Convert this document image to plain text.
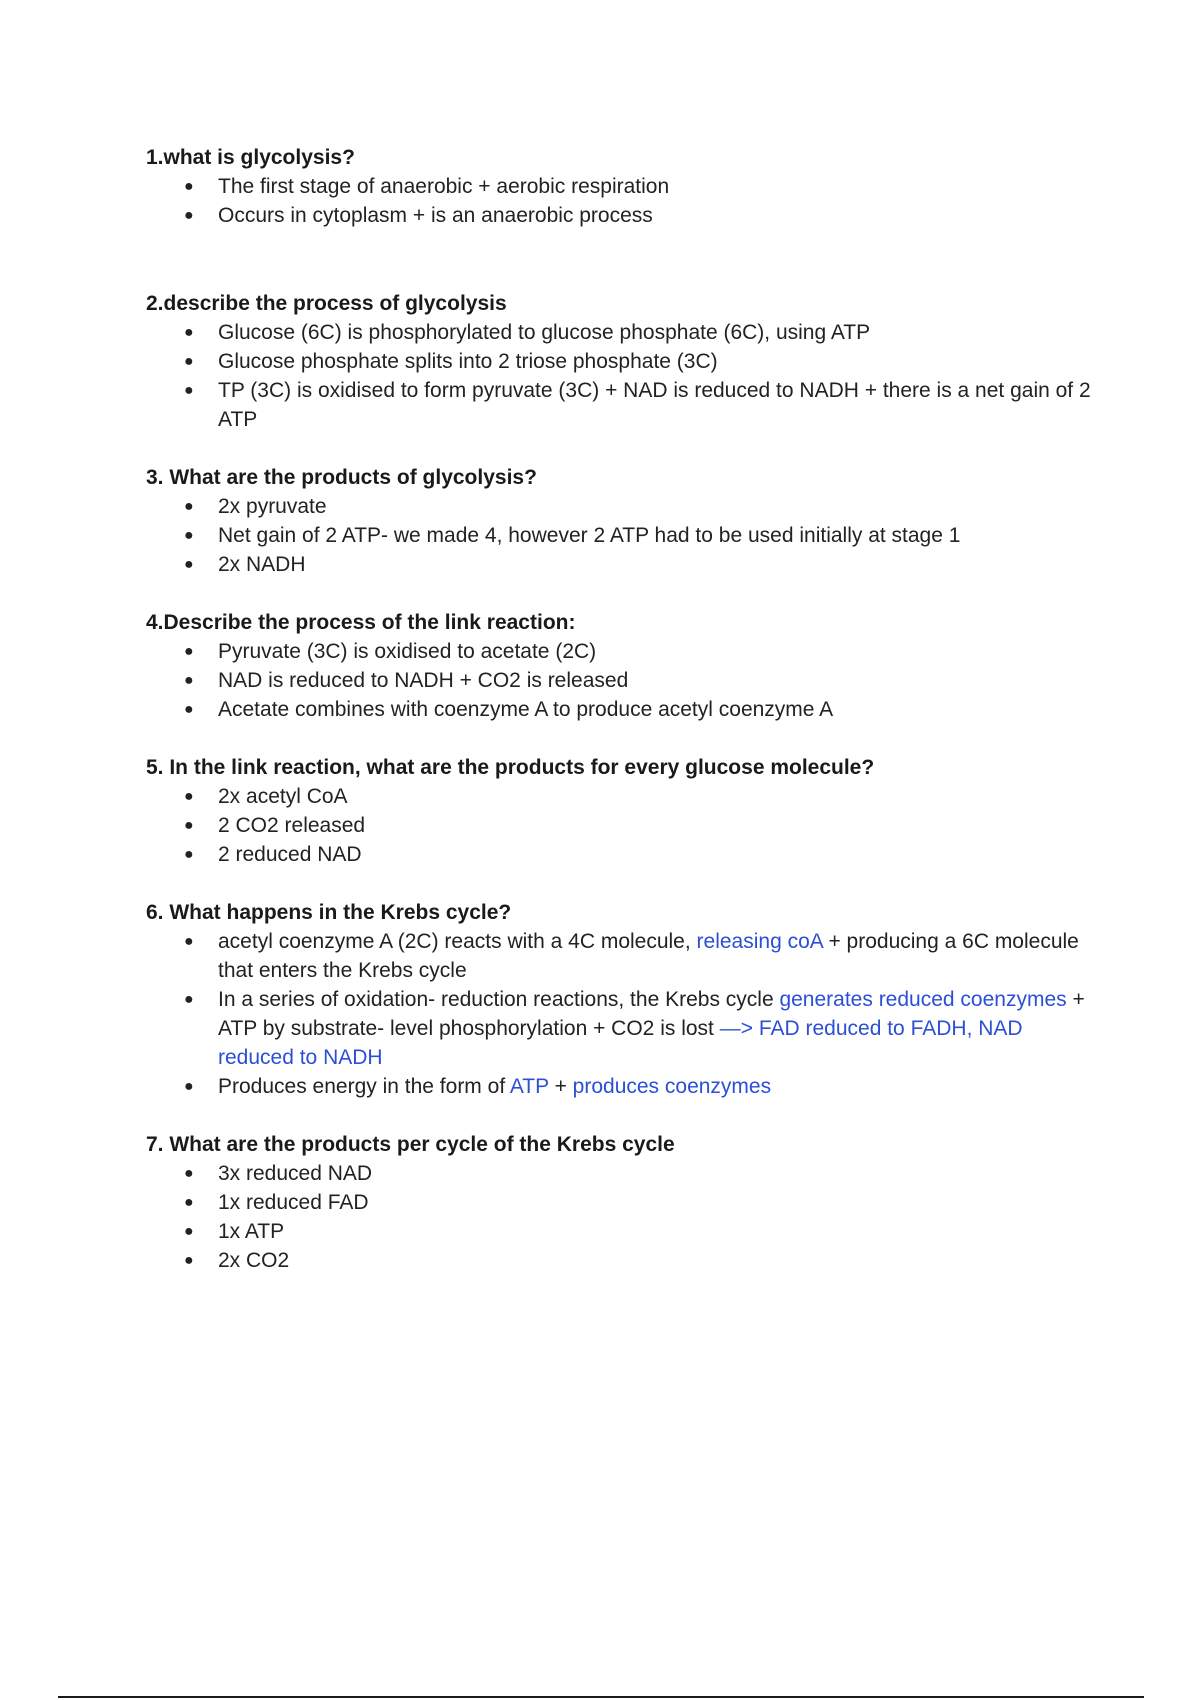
1.what is glycolysis?

● The first stage of anaerobic + aerobic respiration
● Occurs in cytoplasm + is an anaerobic process

2.describe the process of glycolysis

● Glucose (6C) is phosphorylated to glucose phosphate (6C), using ATP
● Glucose phosphate splits into 2 triose phosphate (3C)
● TP (3C) is oxidised to form pyruvate (3C) + NAD is reduced to NADH + there is a net gain of 2 ATP

3. What are the products of glycolysis?

● 2x pyruvate
● Net gain of 2 ATP- we made 4, however 2 ATP had to be used initially at stage 1
● 2x NADH

4.Describe the process of the link reaction:

● Pyruvate (3C) is oxidised to acetate (2C)
● NAD is reduced to NADH + CO2 is released
● Acetate combines with coenzyme A to produce acetyl coenzyme A

5. In the link reaction, what are the products for every glucose molecule?

● 2x acetyl CoA
● 2 CO2 released
● 2 reduced NAD

6. What happens in the Krebs cycle?

● acetyl coenzyme A (2C) reacts with a 4C molecule, releasing coA + producing a 6C molecule that enters the Krebs cycle
● In a series of oxidation- reduction reactions, the Krebs cycle generates reduced coenzymes + ATP by substrate- level phosphorylation + CO2 is lost —> FAD reduced to FADH, NAD reduced to NADH
● Produces energy in the form of ATP + produces coenzymes

7. What are the products per cycle of the Krebs cycle

● 3x reduced NAD
● 1x reduced FAD
● 1x ATP
● 2x CO2
